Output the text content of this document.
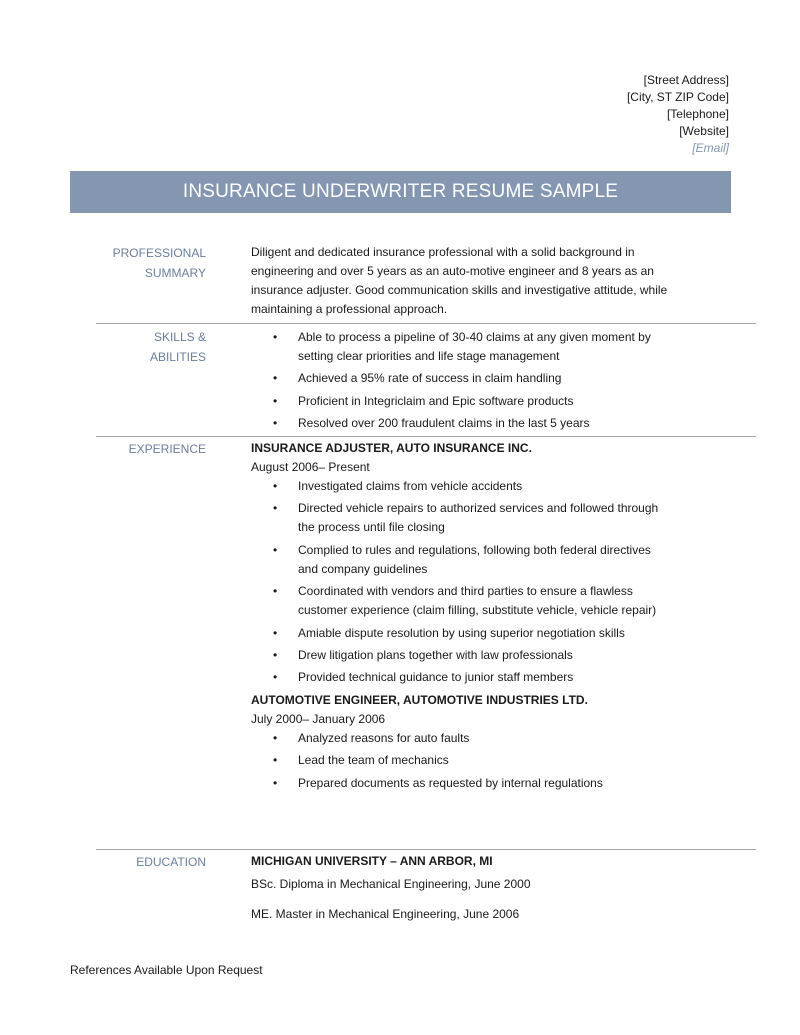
[Street Address]
[City, ST ZIP Code]
[Telephone]
[Website]
[Email]
INSURANCE UNDERWRITER RESUME SAMPLE
PROFESSIONAL
SUMMARY

Diligent and dedicated insurance professional with a solid background in engineering and over 5 years as an auto-motive engineer and 8 years as an insurance adjuster. Good communication skills and investigative attitude, while maintaining a professional approach.

SKILLS & ABILITIES
• Able to process a pipeline of 30-40 claims at any given moment by setting clear priorities and life stage management
• Achieved a 95% rate of success in claim handling
• Proficient in Integriclaim and Epic software products
• Resolved over 200 fraudulent claims in the last 5 years
EXPERIENCE	INSURANCE ADJUSTER, AUTO INSURANCE INC.

August 2006– Present

• Investigated claims from vehicle accidents
• Directed vehicle repairs to authorized services and followed through the process until file closing
• Complied to rules and regulations, following both federal directives and company guidelines
• Coordinated with vendors and third parties to ensure a flawless customer experience (claim filling, substitute vehicle, vehicle repair)
• Amiable dispute resolution by using superior negotiation skills
• Drew litigation plans together with law professionals
• Provided technical guidance to junior staff members

AUTOMOTIVE ENGINEER, AUTOMOTIVE INDUSTRIES LTD.

July 2000– January 2006

• Analyzed reasons for auto faults
• Lead the team of mechanics
• Prepared documents as requested by internal regulations
EDUCATION	MICHIGAN UNIVERSITY – ANN ARBOR, MI

BSc. Diploma in Mechanical Engineering, June 2000

ME. Master in Mechanical Engineering, June 2006

References Available Upon Request
